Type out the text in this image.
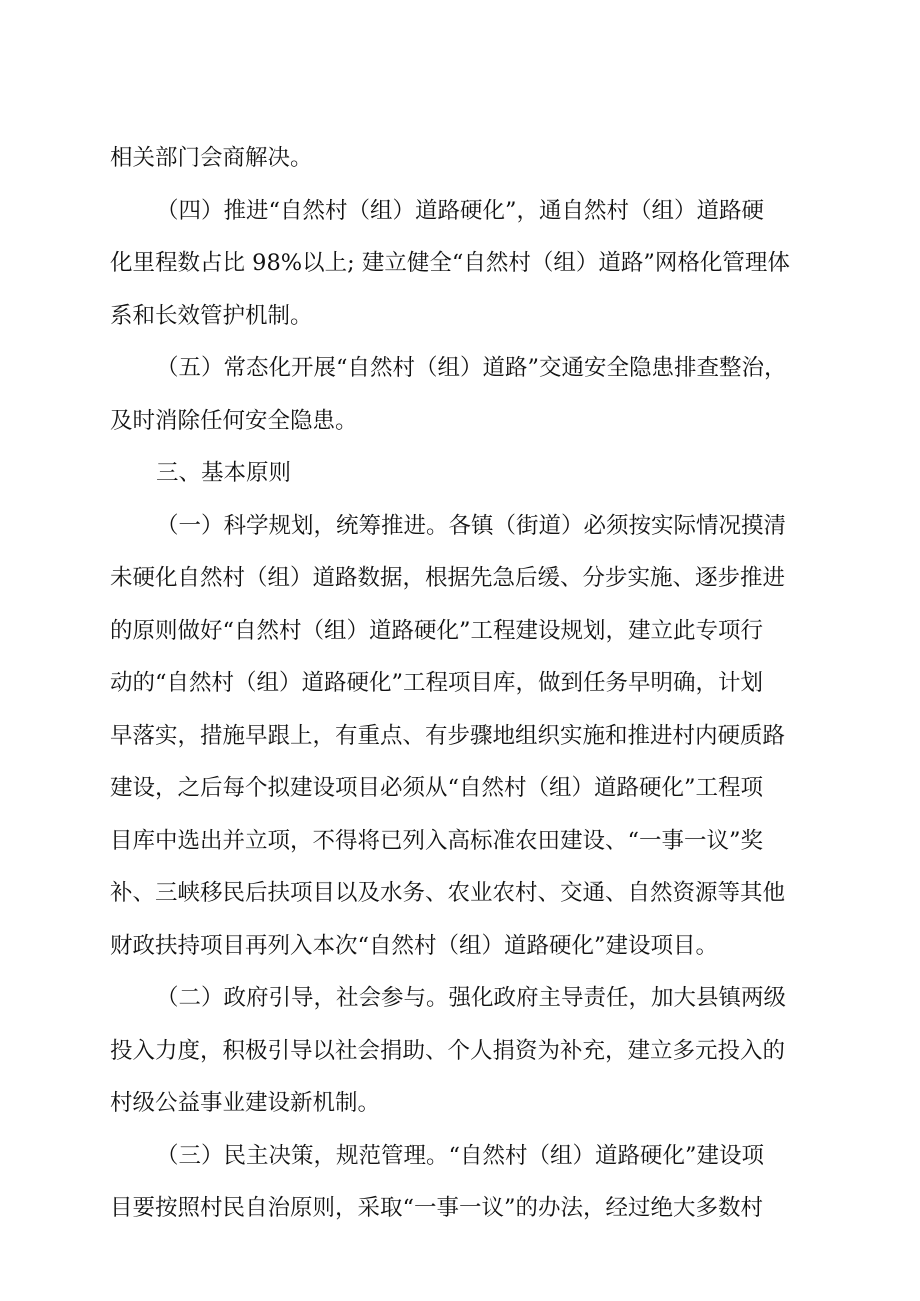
相关部门会商解决。
（四）推进“自然村（组）道路硬化”，通自然村（组）道路硬
化里程数占比 98%以上; 建立健全“自然村（组）道路”网格化管理体
系和长效管护机制。
（五）常态化开展“自然村（组）道路”交通安全隐患排查整治，
及时消除任何安全隐患。
三、基本原则
（一）科学规划，统筹推进。各镇（街道）必须按实际情况摸清
未硬化自然村（组）道路数据，根据先急后缓、分步实施、逐步推进
的原则做好“自然村（组）道路硬化”工程建设规划，建立此专项行
动的“自然村（组）道路硬化”工程项目库，做到任务早明确，计划
早落实，措施早跟上，有重点、有步骤地组织实施和推进村内硬质路
建设，之后每个拟建设项目必须从“自然村（组）道路硬化”工程项
目库中选出并立项，不得将已列入高标准农田建设、“一事一议”奖
补、三峡移民后扶项目以及水务、农业农村、交通、自然资源等其他
财政扶持项目再列入本次“自然村（组）道路硬化”建设项目。
（二）政府引导，社会参与。强化政府主导责任，加大县镇两级
投入力度，积极引导以社会捐助、个人捐资为补充，建立多元投入的
村级公益事业建设新机制。
（三）民主决策，规范管理。“自然村（组）道路硬化”建设项
目要按照村民自治原则，采取“一事一议”的办法，经过绝大多数村
